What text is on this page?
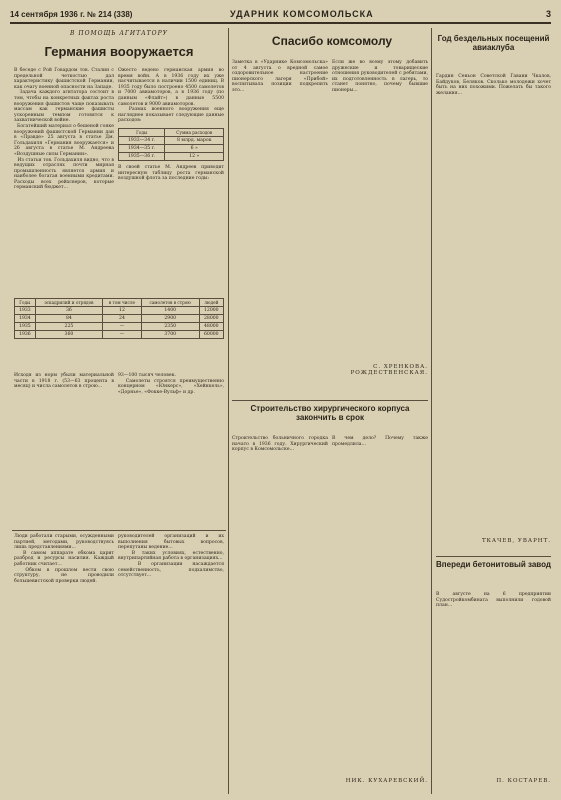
14 сентября 1936 г. № 214 (338)	УДАРНИК КОМСОМОЛЬСКА	3
В ПОМОЩЬ АГИТАТОРУ
Германия вооружается
В беседе с Рой Говардом тов. Сталин с предельной четкостью дал характеристику фашистской Германии, как очагу военной опасности на Западе.
Задача каждого агитатора состоит в том, чтобы на конкретных фактах роста вооружения фашистов чаще показывать массам как германские фашисты ускоренным темпом готовятся к захватнической войне.
Богатейший материал о бешеной гонке вооружений фашистской Германии дан в «Правде» 25 августа в статье Дм. Гольдахиля «Германия вооружается» и 26 августа в статье М. Андреева «Воздушные силы Германии».
Из статьи тов. Гольдахиля видно, что в ведущих отраслях почти мирная промышленность является армия и наиболее богатая военными кредитами. Расходы всех рейхсверов, которые германский бюджет...
Ожесто ведено германская армия во время войн. А в 1936 году их уже насчитывается в наличии 1500 единиц. В 1935 году было построено 4500 самолетов и 7000 авиамоторов, а в 1936 году (по данным «Флайт») в данные 5500 самолетов и 9000 авиамоторов.
Размах военного вооружения еще нагляднее показывает следующие данные расходов:
Годы	Сумма расходов
1933—34 г.	8 млрд. марок
1934—35 г.	6 »
1935—36 г.	12 »
В своей статье М. Андреев приводит интересную таблицу роста германской воздушной флота за последние годы:
Годы	эскадрилий и отрядов	в том числе	самолетов в строю	людей
1933	36	12	1400	12000
1934	84	24	2900	28000
1935	225	—	2350	48000
1936	360	—	3700	60000
Исходя из норм убыли материальной части в 1918 г. (53—63 процента в месяц) и числа самолетов в строю...
93—100 тысяч человек.
Самолеты строятся преимущественно концерном «Юнкерс», «Хейнкель», «Дорнье», «Фокке-Вульф» и др.
Люди работали старыми, осужденными партией, методами, руководствуясь лишь представлениями...
В самом аппарате обкома царит разброд и ресурсы насилия. Каждый работник считает...
Обком в прошлом вести свою структуру, не проводили большевистской проверки людей.
руководителей организаций и их выполнения бытовых вопросов, перепутаны ведение...
В таких условиях, естественно, внутрипартийная работа в организациях...
В организации насаждается семейственность, подхалимство, отсутствует...
Спасибо комсомолу
Заметка в «Ударнике Комсомольска» от 4 августа о вредной самое оздоровительное настроение пионерского лагеря «Прибой» воспитывала позиции подкрепить это...
Если же во всему этому добавить дружеские и товарищеские отношения руководителей с ребятами, их подготовленность в лагерь, то станет понятно, почему бывшие пионеры...
С. ХРЕНКОВА.
РОЖДЕСТВЕНСКАЯ.
Год бездельных посещений авиаклуба
Гардин Сеньон Советской Гавани Чкалов, Байдуков, Беляков. Сколько молодежи хочет быть на них похожими. Пожелать бы такого желания...
ТКАЧЕВ, УВАРНТ.
Строительство хирургического корпуса закончить в срок
Строительство больничного городка начато в 1936 году. Хирургический корпус в Комсомольске...
В чем дело? Почему также промедлила...
НИК. КУХАРЕВСКИЙ.
Впереди бетонитовый завод
В августе на 6 предприятии Судостройкомбината выполнили годовой план...
П. КОСТАРЕВ.
